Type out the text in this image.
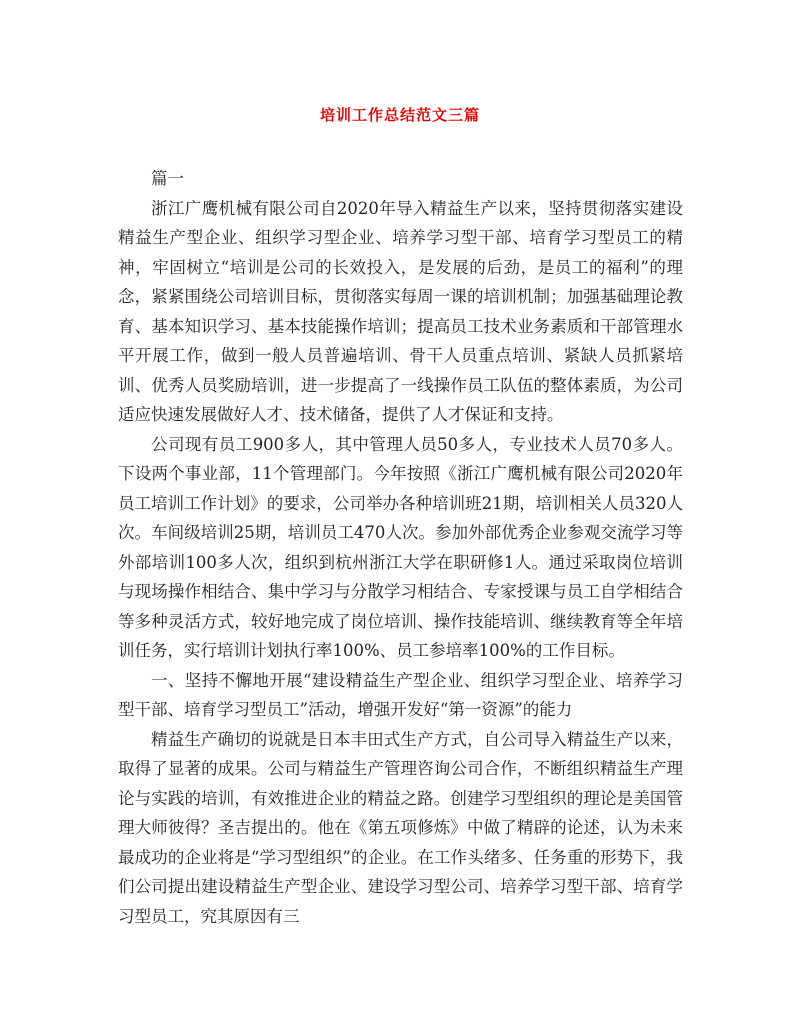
培训工作总结范文三篇

篇一

浙江广鹰机械有限公司自2020年导入精益生产以来，坚持贯彻落实建设精益生产型企业、组织学习型企业、培养学习型干部、培育学习型员工的精神，牢固树立“培训是公司的长效投入，是发展的后劲，是员工的福利”的理念，紧紧围绕公司培训目标，贯彻落实每周一课的培训机制；加强基础理论教育、基本知识学习、基本技能操作培训；提高员工技术业务素质和干部管理水平开展工作，做到一般人员普遍培训、骨干人员重点培训、紧缺人员抓紧培训、优秀人员奖励培训，进一步提高了一线操作员工队伍的整体素质，为公司适应快速发展做好人才、技术储备，提供了人才保证和支持。

公司现有员工900多人，其中管理人员50多人，专业技术人员70多人。下设两个事业部，11个管理部门。今年按照《浙江广鹰机械有限公司2020年员工培训工作计划》的要求，公司举办各种培训班21期，培训相关人员320人次。车间级培训25期，培训员工470人次。参加外部优秀企业参观交流学习等外部培训100多人次，组织到杭州浙江大学在职研修1人。通过采取岗位培训与现场操作相结合、集中学习与分散学习相结合、专家授课与员工自学相结合等多种灵活方式，较好地完成了岗位培训、操作技能培训、继续教育等全年培训任务，实行培训计划执行率100%、员工参培率100%的工作目标。

一、坚持不懈地开展“建设精益生产型企业、组织学习型企业、培养学习型干部、培育学习型员工”活动，增强开发好“第一资源”的能力

精益生产确切的说就是日本丰田式生产方式，自公司导入精益生产以来，取得了显著的成果。公司与精益生产管理咨询公司合作，不断组织精益生产理论与实践的培训，有效推进企业的精益之路。创建学习型组织的理论是美国管理大师彼得？圣吉提出的。他在《第五项修炼》中做了精辟的论述，认为未来最成功的企业将是“学习型组织”的企业。在工作头绪多、任务重的形势下，我们公司提出建设精益生产型企业、建设学习型公司、培养学习型干部、培育学习型员工，究其原因有三
